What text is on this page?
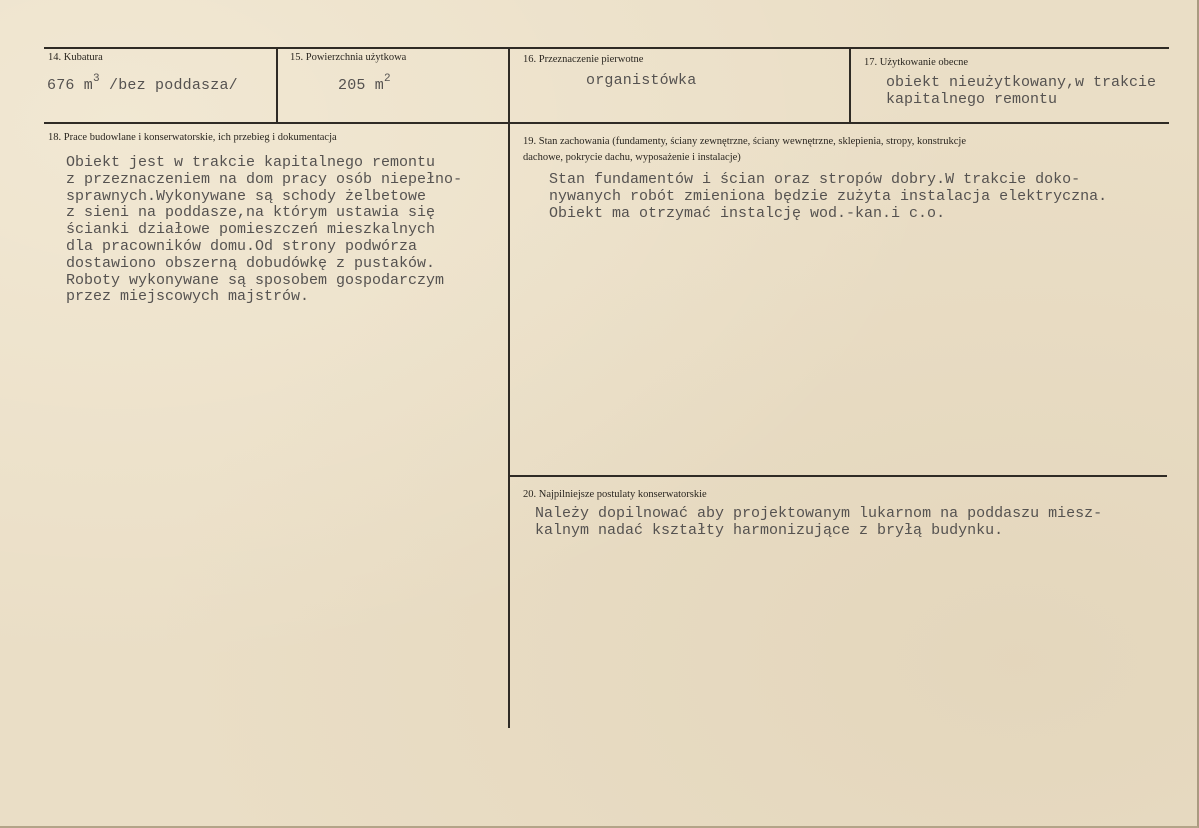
14. Kubatura
676 $m^3$ /bez poddasza/
15. Powierzchnia użytkowa
205 $m^2$
16. Przeznaczenie pierwotne
organistówka
17. Użytkowanie obecne
obiekt nieużytkowany,w trakcie
kapitalnego remontu
18. Prace budowlane i konserwatorskie, ich przebieg i dokumentacja
Obiekt jest w trakcie kapitalnego remontu
z przeznaczeniem na dom pracy osób niepełno-
sprawnych.Wykonywane są schody żelbetowe
z sieni na poddasze,na którym ustawia się
ścianki działowe pomieszczeń mieszkalnych
dla pracowników domu.Od strony podwórza
dostawiono obszerną dobudówkę z pustaków.
Roboty wykonywane są sposobem gospodarczym
przez miejscowych majstrów.
19. Stan zachowania (fundamenty, ściany zewnętrzne, ściany wewnętrzne, sklepienia, stropy, konstrukcje
dachowe, pokrycie dachu, wyposażenie i instalacje)
Stan fundamentów i ścian oraz stropów dobry.W trakcie doko-
nywanych robót zmieniona będzie zużyta instalacja elektryczna.
Obiekt ma otrzymać instalcję wod.-kan.i c.o.
20. Najpilniejsze postulaty konserwatorskie
Należy dopilnować aby projektowanym lukarnom na poddaszu miesz-
kalnym nadać kształty harmonizujące z bryłą budynku.
